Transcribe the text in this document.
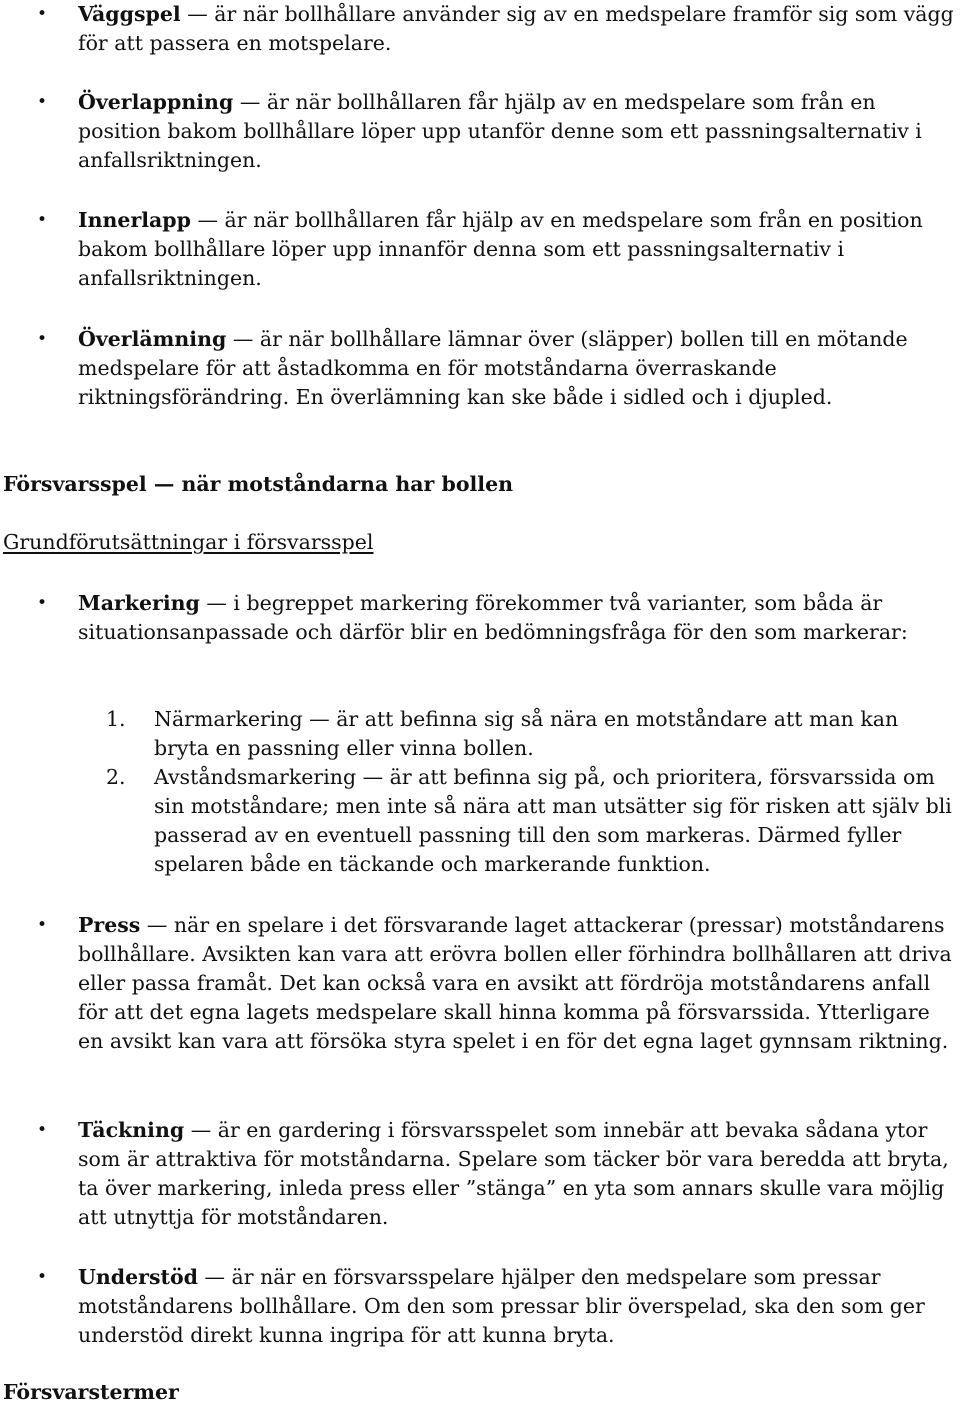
• Väggspel — är när bollhållare använder sig av en medspelare framför sig som vägg för att passera en motspelare.
• Överlappning — är när bollhållaren får hjälp av en medspelare som från en position bakom bollhållare löper upp utanför denne som ett passningsalternativ i anfallsriktningen.
• Innerlapp — är när bollhållaren får hjälp av en medspelare som från en position bakom bollhållare löper upp innanför denna som ett passningsalternativ i anfallsriktningen.
• Överlämning — är när bollhållare lämnar över (släpper) bollen till en mötande medspelare för att åstadkomma en för motståndarna överraskande riktningsförändring. En överlämning kan ske både i sidled och i djupled.
Försvarsspel — när motståndarna har bollen
Grundförutsättningar i försvarsspel
• Markering — i begreppet markering förekommer två varianter, som båda är situationsanpassade och därför blir en bedömningsfråga för den som markerar:
1. Närmarkering — är att befinna sig så nära en motståndare att man kan bryta en passning eller vinna bollen.
2. Avståndsmarkering — är att befinna sig på, och prioritera, försvarssida om sin motståndare; men inte så nära att man utsätter sig för risken att själv bli passerad av en eventuell passning till den som markeras. Därmed fyller spelaren både en täckande och markerande funktion.
• Press — när en spelare i det försvarande laget attackerar (pressar) motståndarens bollhållare. Avsikten kan vara att erövra bollen eller förhindra bollhållaren att driva eller passa framåt. Det kan också vara en avsikt att fördröja motståndarens anfall för att det egna lagets medspelare skall hinna komma på försvarssida. Ytterligare en avsikt kan vara att försöka styra spelet i en för det egna laget gynnsam riktning.
• Täckning — är en gardering i försvarsspelet som innebär att bevaka sådana ytor som är attraktiva för motståndarna. Spelare som täcker bör vara beredda att bryta, ta över markering, inleda press eller ”stänga” en yta som annars skulle vara möjlig att utnyttja för motståndaren.
• Understöd — är när en försvarsspelare hjälper den medspelare som pressar motståndarens bollhållare. Om den som pressar blir överspelad, ska den som ger understöd direkt kunna ingripa för att kunna bryta.
Försvarstermer
